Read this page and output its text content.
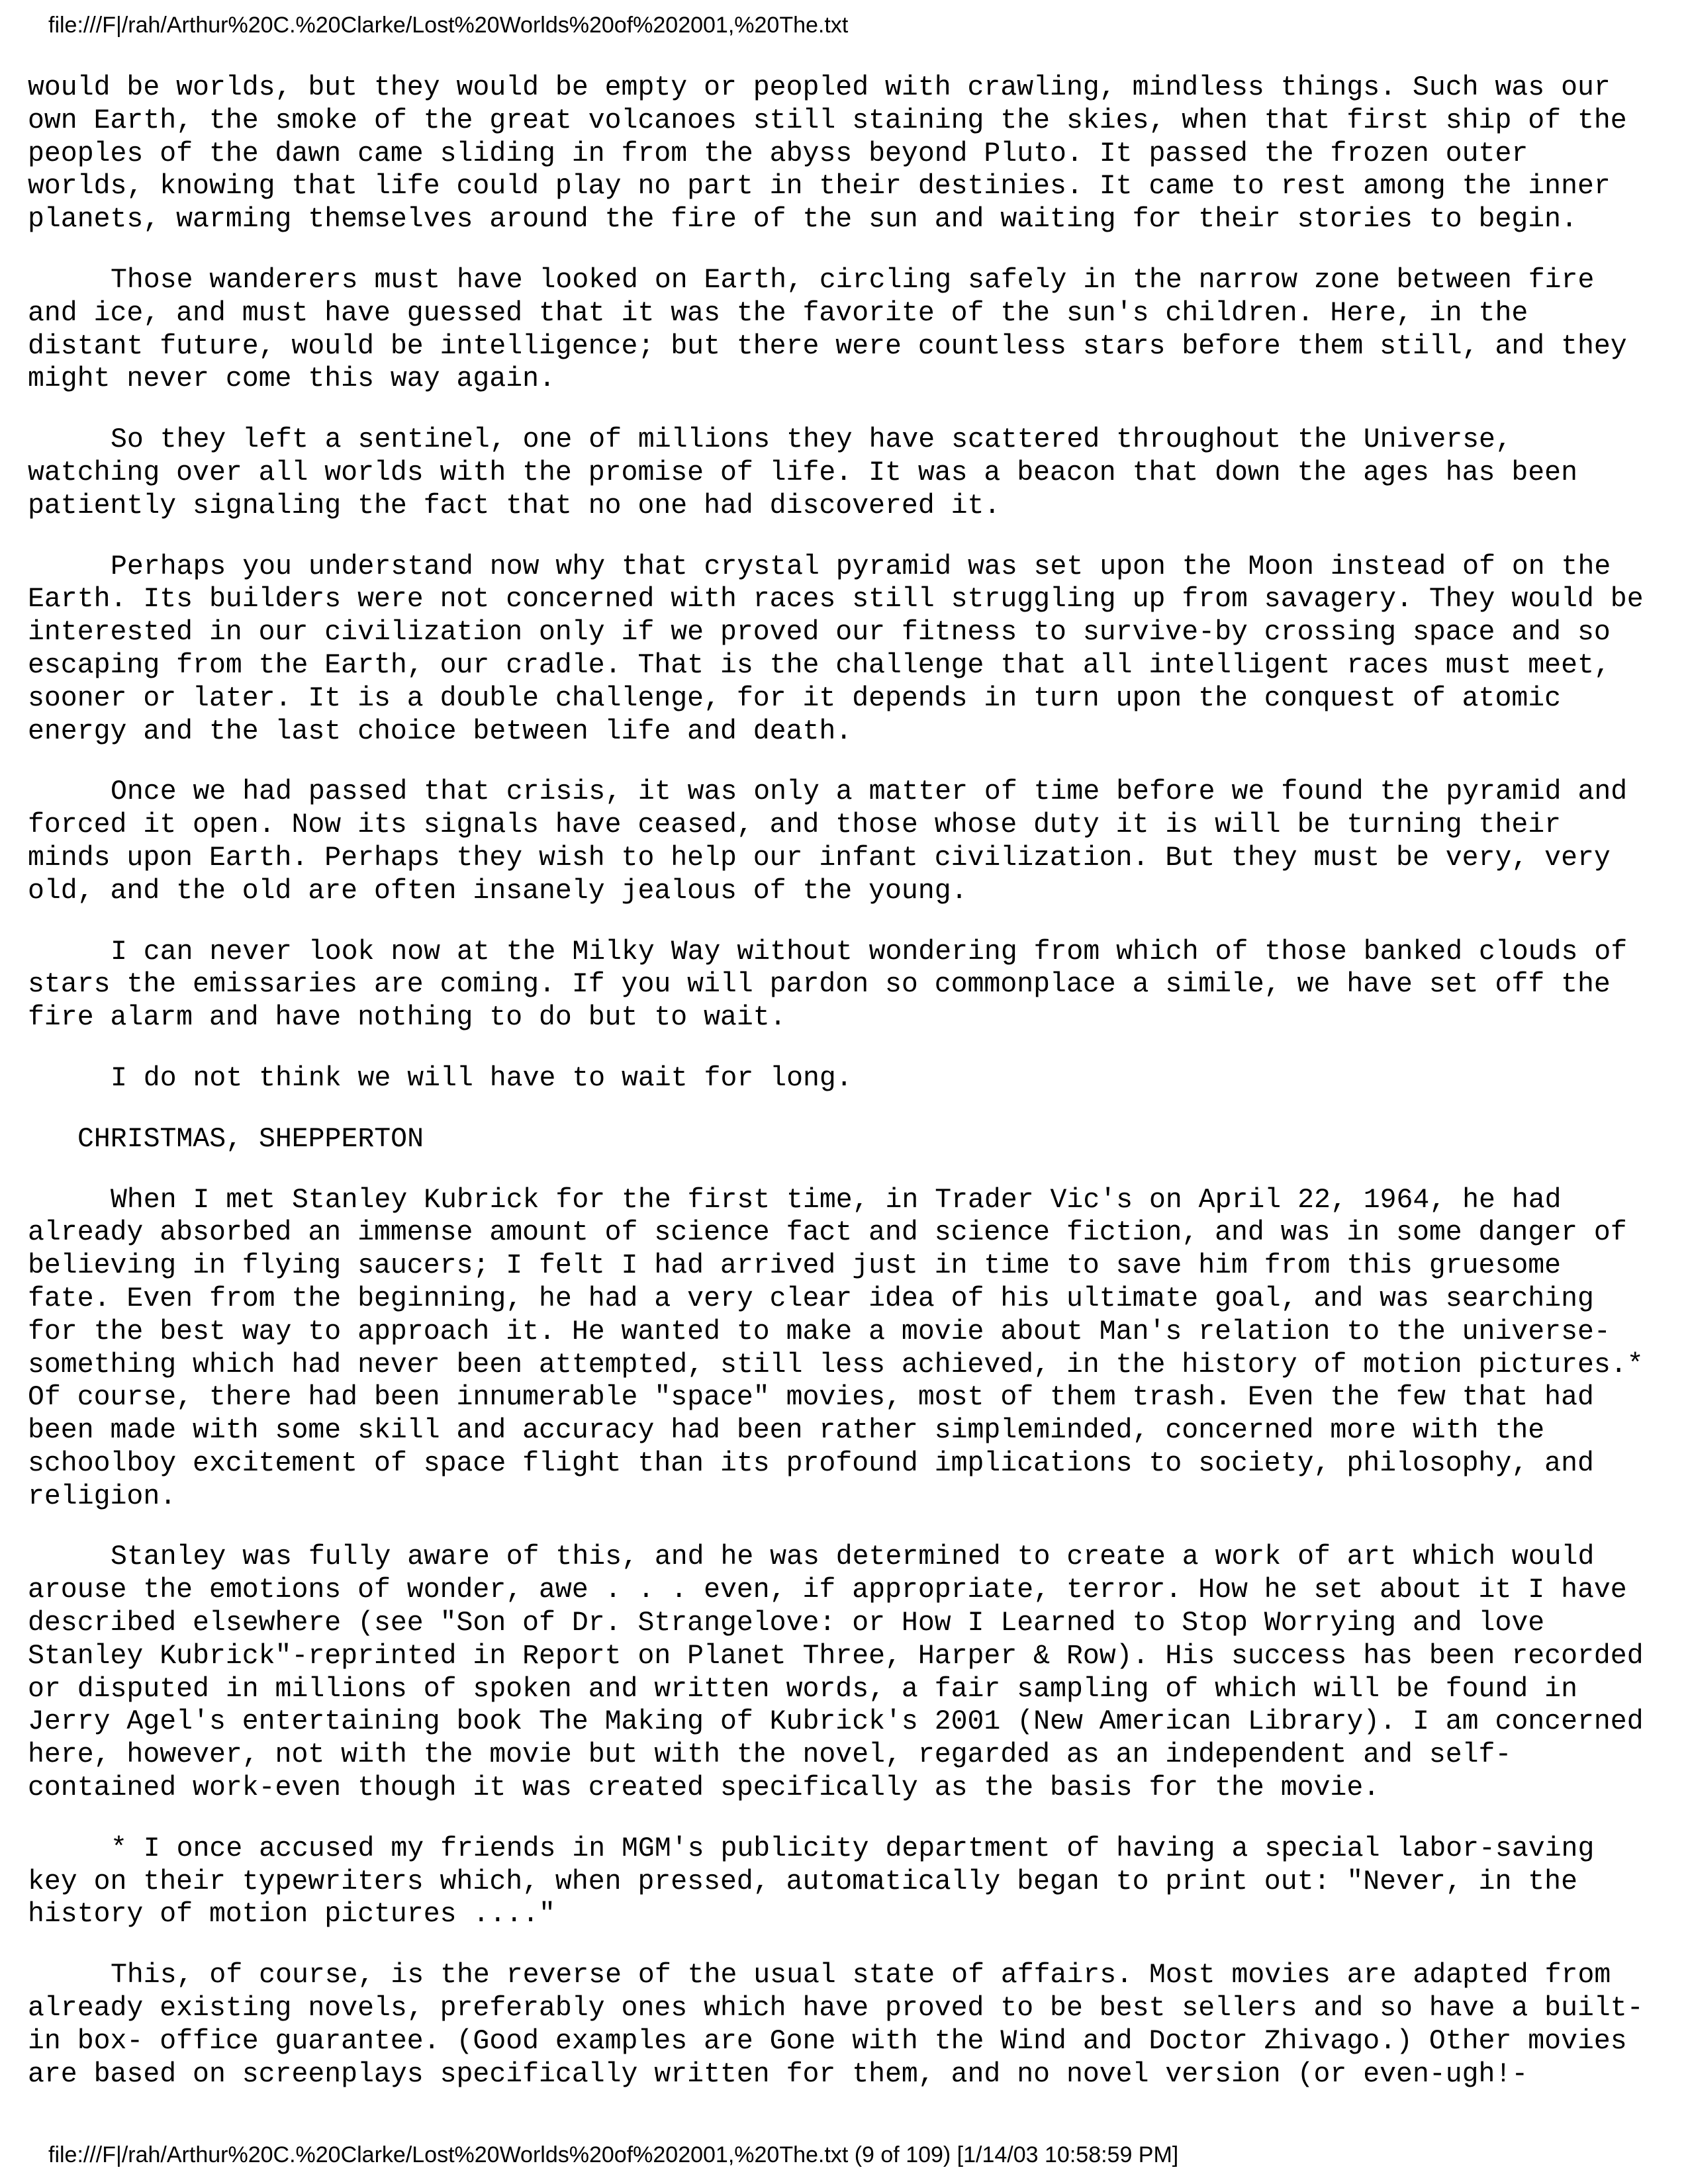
file:///F|/rah/Arthur%20C.%20Clarke/Lost%20Worlds%20of%202001,%20The.txt

would be worlds, but they would be empty or peopled with crawling, mindless things. Such was our
own Earth, the smoke of the great volcanoes still staining the skies, when that first ship of the
peoples of the dawn came sliding in from the abyss beyond Pluto. It passed the frozen outer
worlds, knowing that life could play no part in their destinies. It came to rest among the inner
planets, warming themselves around the fire of the sun and waiting for their stories to begin.

Those wanderers must have looked on Earth, circling safely in the narrow zone between fire
and ice, and must have guessed that it was the favorite of the sun's children. Here, in the
distant future, would be intelligence; but there were countless stars before them still, and they
might never come this way again.

So they left a sentinel, one of millions they have scattered throughout the Universe,
watching over all worlds with the promise of life. It was a beacon that down the ages has been
patiently signaling the fact that no one had discovered it.

Perhaps you understand now why that crystal pyramid was set upon the Moon instead of on the
Earth. Its builders were not concerned with races still struggling up from savagery. They would be
interested in our civilization only if we proved our fitness to survive-by crossing space and so
escaping from the Earth, our cradle. That is the challenge that all intelligent races must meet,
sooner or later. It is a double challenge, for it depends in turn upon the conquest of atomic
energy and the last choice between life and death.

Once we had passed that crisis, it was only a matter of time before we found the pyramid and
forced it open. Now its signals have ceased, and those whose duty it is will be turning their
minds upon Earth. Perhaps they wish to help our infant civilization. But they must be very, very
old, and the old are often insanely jealous of the young.

I can never look now at the Milky Way without wondering from which of those banked clouds of
stars the emissaries are coming. If you will pardon so commonplace a simile, we have set off the
fire alarm and have nothing to do but to wait.

I do not think we will have to wait for long.

CHRISTMAS, SHEPPERTON

When I met Stanley Kubrick for the first time, in Trader Vic's on April 22, 1964, he had
already absorbed an immense amount of science fact and science fiction, and was in some danger of
believing in flying saucers; I felt I had arrived just in time to save him from this gruesome
fate. Even from the beginning, he had a very clear idea of his ultimate goal, and was searching
for the best way to approach it. He wanted to make a movie about Man's relation to the universe-
something which had never been attempted, still less achieved, in the history of motion pictures.*
Of course, there had been innumerable "space" movies, most of them trash. Even the few that had
been made with some skill and accuracy had been rather simpleminded, concerned more with the
schoolboy excitement of space flight than its profound implications to society, philosophy, and
religion.

Stanley was fully aware of this, and he was determined to create a work of art which would
arouse the emotions of wonder, awe . . . even, if appropriate, terror. How he set about it I have
described elsewhere (see "Son of Dr. Strangelove: or How I Learned to Stop Worrying and love
Stanley Kubrick"-reprinted in Report on Planet Three, Harper & Row). His success has been recorded
or disputed in millions of spoken and written words, a fair sampling of which will be found in
Jerry Agel's entertaining book The Making of Kubrick's 2001 (New American Library). I am concerned
here, however, not with the movie but with the novel, regarded as an independent and self-
contained work-even though it was created specifically as the basis for the movie.

* I once accused my friends in MGM's publicity department of having a special labor-saving
key on their typewriters which, when pressed, automatically began to print out: "Never, in the
history of motion pictures ...."

This, of course, is the reverse of the usual state of affairs. Most movies are adapted from
already existing novels, preferably ones which have proved to be best sellers and so have a built-
in box- office guarantee. (Good examples are Gone with the Wind and Doctor Zhivago.) Other movies
are based on screenplays specifically written for them, and no novel version (or even-ugh!-

file:///F|/rah/Arthur%20C.%20Clarke/Lost%20Worlds%20of%202001,%20The.txt (9 of 109) [1/14/03 10:58:59 PM]
